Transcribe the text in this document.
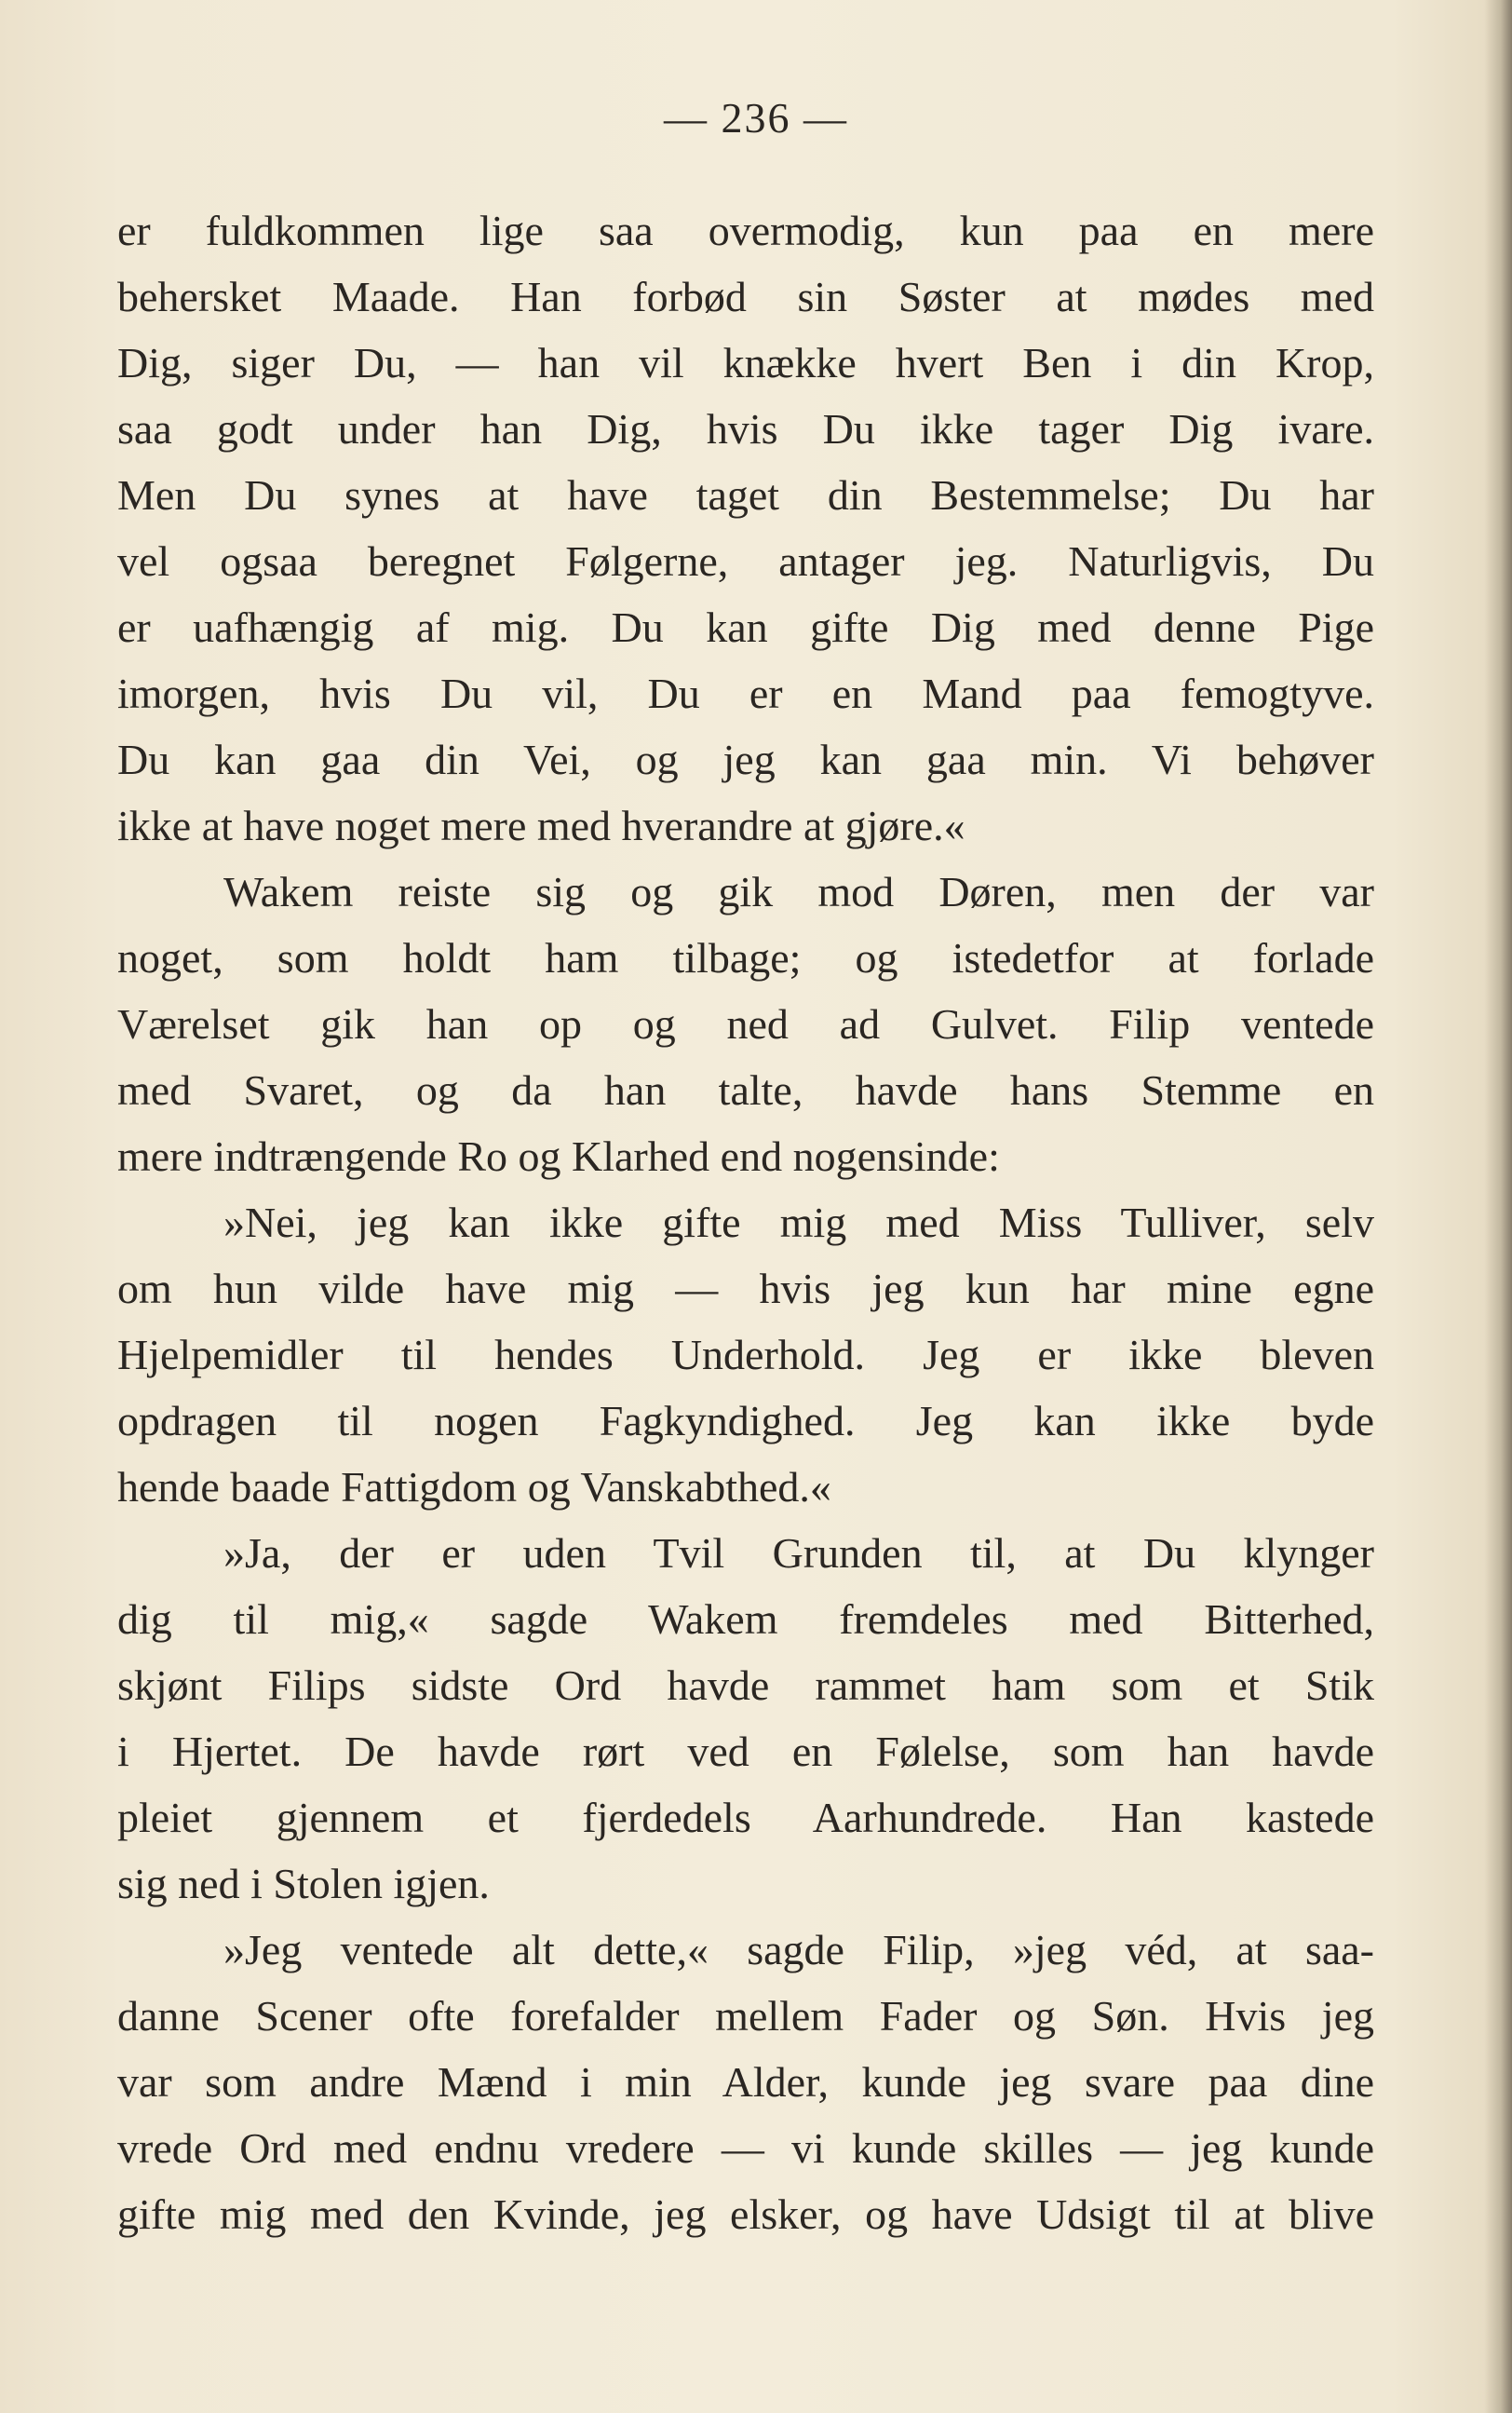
— 236 —
er fuldkommen lige saa overmodig, kun paa en mere
behersket Maade. Han forbød sin Søster at mødes med
Dig, siger Du, — han vil knække hvert Ben i din Krop,
saa godt under han Dig, hvis Du ikke tager Dig ivare.
Men Du synes at have taget din Bestemmelse; Du har
vel ogsaa beregnet Følgerne, antager jeg. Naturligvis, Du
er uafhængig af mig. Du kan gifte Dig med denne Pige
imorgen, hvis Du vil, Du er en Mand paa femogtyve.
Du kan gaa din Vei, og jeg kan gaa min. Vi behøver
ikke at have noget mere med hverandre at gjøre.«
Wakem reiste sig og gik mod Døren, men der var
noget, som holdt ham tilbage; og istedetfor at forlade
Værelset gik han op og ned ad Gulvet. Filip ventede
med Svaret, og da han talte, havde hans Stemme en
mere indtrængende Ro og Klarhed end nogensinde:
»Nei, jeg kan ikke gifte mig med Miss Tulliver, selv
om hun vilde have mig — hvis jeg kun har mine egne
Hjelpemidler til hendes Underhold. Jeg er ikke bleven
opdragen til nogen Fagkyndighed. Jeg kan ikke byde
hende baade Fattigdom og Vanskabthed.«
»Ja, der er uden Tvil Grunden til, at Du klynger
dig til mig,« sagde Wakem fremdeles med Bitterhed,
skjønt Filips sidste Ord havde rammet ham som et Stik
i Hjertet. De havde rørt ved en Følelse, som han havde
pleiet gjennem et fjerdedels Aarhundrede. Han kastede
sig ned i Stolen igjen.
»Jeg ventede alt dette,« sagde Filip, »jeg véd, at saa-
danne Scener ofte forefalder mellem Fader og Søn. Hvis jeg
var som andre Mænd i min Alder, kunde jeg svare paa dine
vrede Ord med endnu vredere — vi kunde skilles — jeg kunde
gifte mig med den Kvinde, jeg elsker, og have Udsigt til at blive
